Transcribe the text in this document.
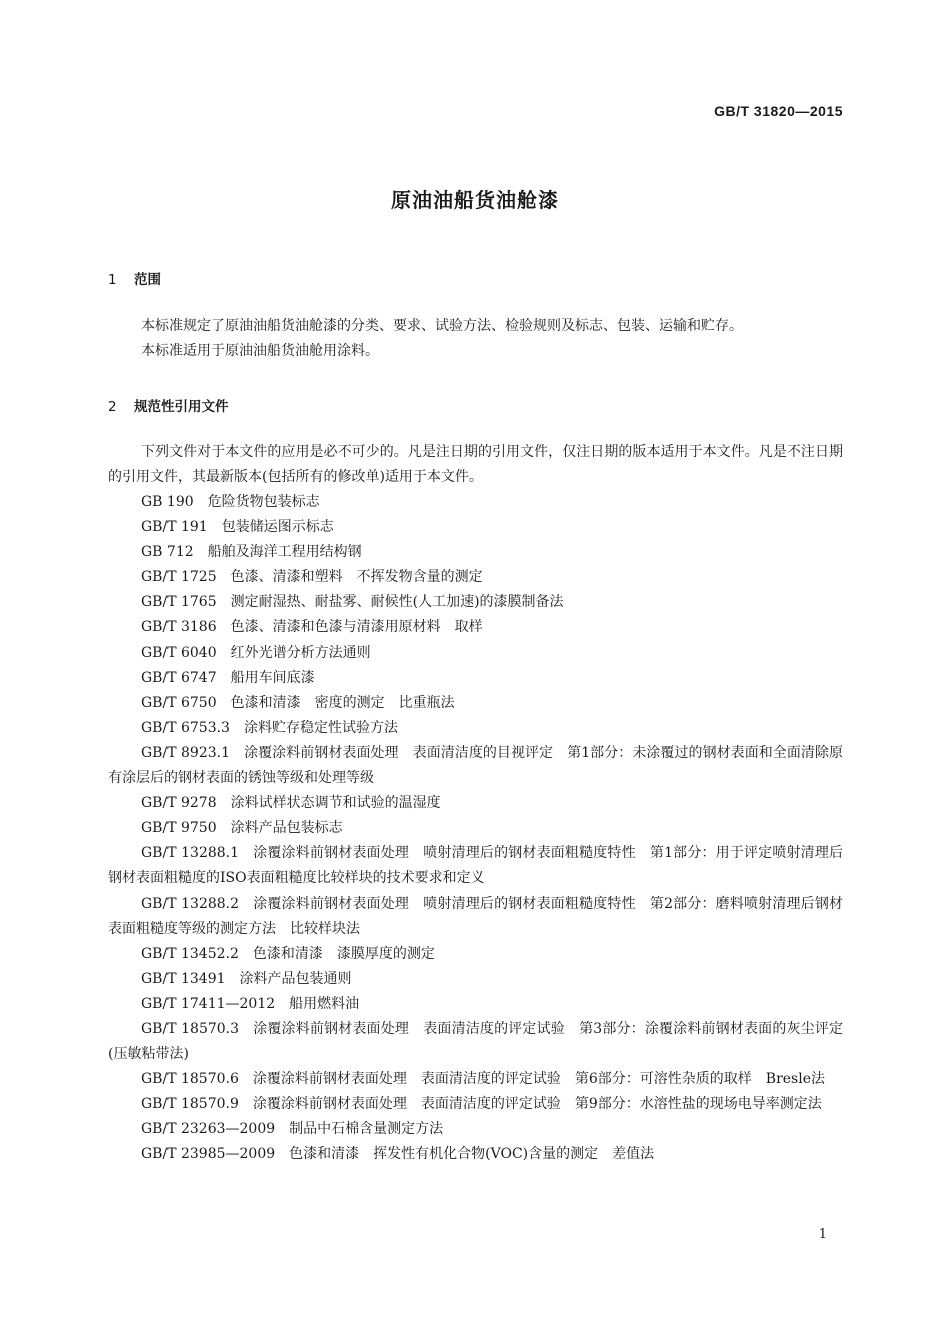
GB/T 31820—2015
原油油船货油舱漆
1 范围
本标准规定了原油油船货油舱漆的分类、要求、试验方法、检验规则及标志、包装、运输和贮存。
本标准适用于原油油船货油舱用涂料。
2 规范性引用文件
下列文件对于本文件的应用是必不可少的。凡是注日期的引用文件，仅注日期的版本适用于本文件。凡是不注日期的引用文件，其最新版本(包括所有的修改单)适用于本文件。
GB 190 危险货物包装标志
GB/T 191 包装储运图示标志
GB 712 船舶及海洋工程用结构钢
GB/T 1725 色漆、清漆和塑料　不挥发物含量的测定
GB/T 1765 测定耐湿热、耐盐雾、耐候性(人工加速)的漆膜制备法
GB/T 3186 色漆、清漆和色漆与清漆用原材料　取样
GB/T 6040 红外光谱分析方法通则
GB/T 6747 船用车间底漆
GB/T 6750 色漆和清漆　密度的测定　比重瓶法
GB/T 6753.3 涂料贮存稳定性试验方法
GB/T 8923.1 涂覆涂料前钢材表面处理　表面清洁度的目视评定　第1部分：未涂覆过的钢材表面和全面清除原有涂层后的钢材表面的锈蚀等级和处理等级
GB/T 9278 涂料试样状态调节和试验的温湿度
GB/T 9750 涂料产品包装标志
GB/T 13288.1 涂覆涂料前钢材表面处理　喷射清理后的钢材表面粗糙度特性　第1部分：用于评定喷射清理后钢材表面粗糙度的ISO表面粗糙度比较样块的技术要求和定义
GB/T 13288.2 涂覆涂料前钢材表面处理　喷射清理后的钢材表面粗糙度特性　第2部分：磨料喷射清理后钢材表面粗糙度等级的测定方法　比较样块法
GB/T 13452.2 色漆和清漆　漆膜厚度的测定
GB/T 13491 涂料产品包装通则
GB/T 17411—2012 船用燃料油
GB/T 18570.3 涂覆涂料前钢材表面处理　表面清洁度的评定试验　第3部分：涂覆涂料前钢材表面的灰尘评定(压敏粘带法)
GB/T 18570.6 涂覆涂料前钢材表面处理　表面清洁度的评定试验　第6部分：可溶性杂质的取样　Bresle法
GB/T 18570.9 涂覆涂料前钢材表面处理　表面清洁度的评定试验　第9部分：水溶性盐的现场电导率测定法
GB/T 23263—2009 制品中石棉含量测定方法
GB/T 23985—2009 色漆和清漆　挥发性有机化合物(VOC)含量的测定　差值法
1
